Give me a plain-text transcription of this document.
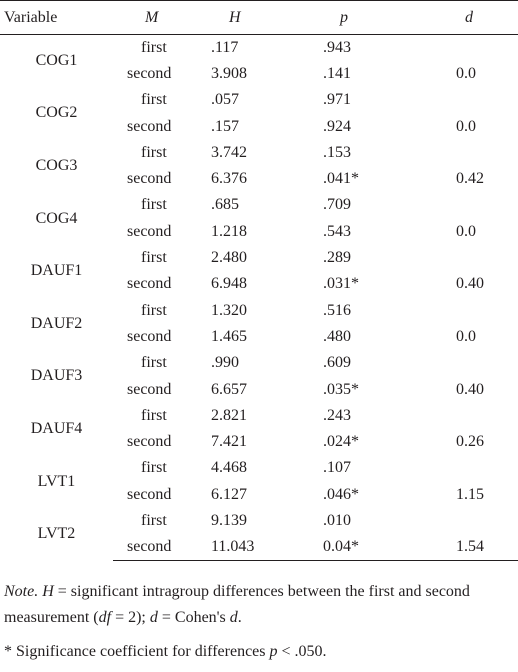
Variable	M	H	p	d
COG1	first	.117	.943	
	second	3.908	.141	0.0
COG2	first	.057	.971	
	second	.157	.924	0.0
COG3	first	3.742	.153	
	second	6.376	.041*	0.42
COG4	first	.685	.709	
	second	1.218	.543	0.0
DAUF1	first	2.480	.289	
	second	6.948	.031*	0.40
DAUF2	first	1.320	.516	
	second	1.465	.480	0.0
DAUF3	first	.990	.609	
	second	6.657	.035*	0.40
DAUF4	first	2.821	.243	
	second	7.421	.024*	0.26
LVT1	first	4.468	.107	
	second	6.127	.046*	1.15
LVT2	first	9.139	.010	
	second	11.043	0.04*	1.54

Note. H = significant intragroup differences between the first and second measurement (df = 2); d = Cohen's d.

* Significance coefficient for differences p < .050.
